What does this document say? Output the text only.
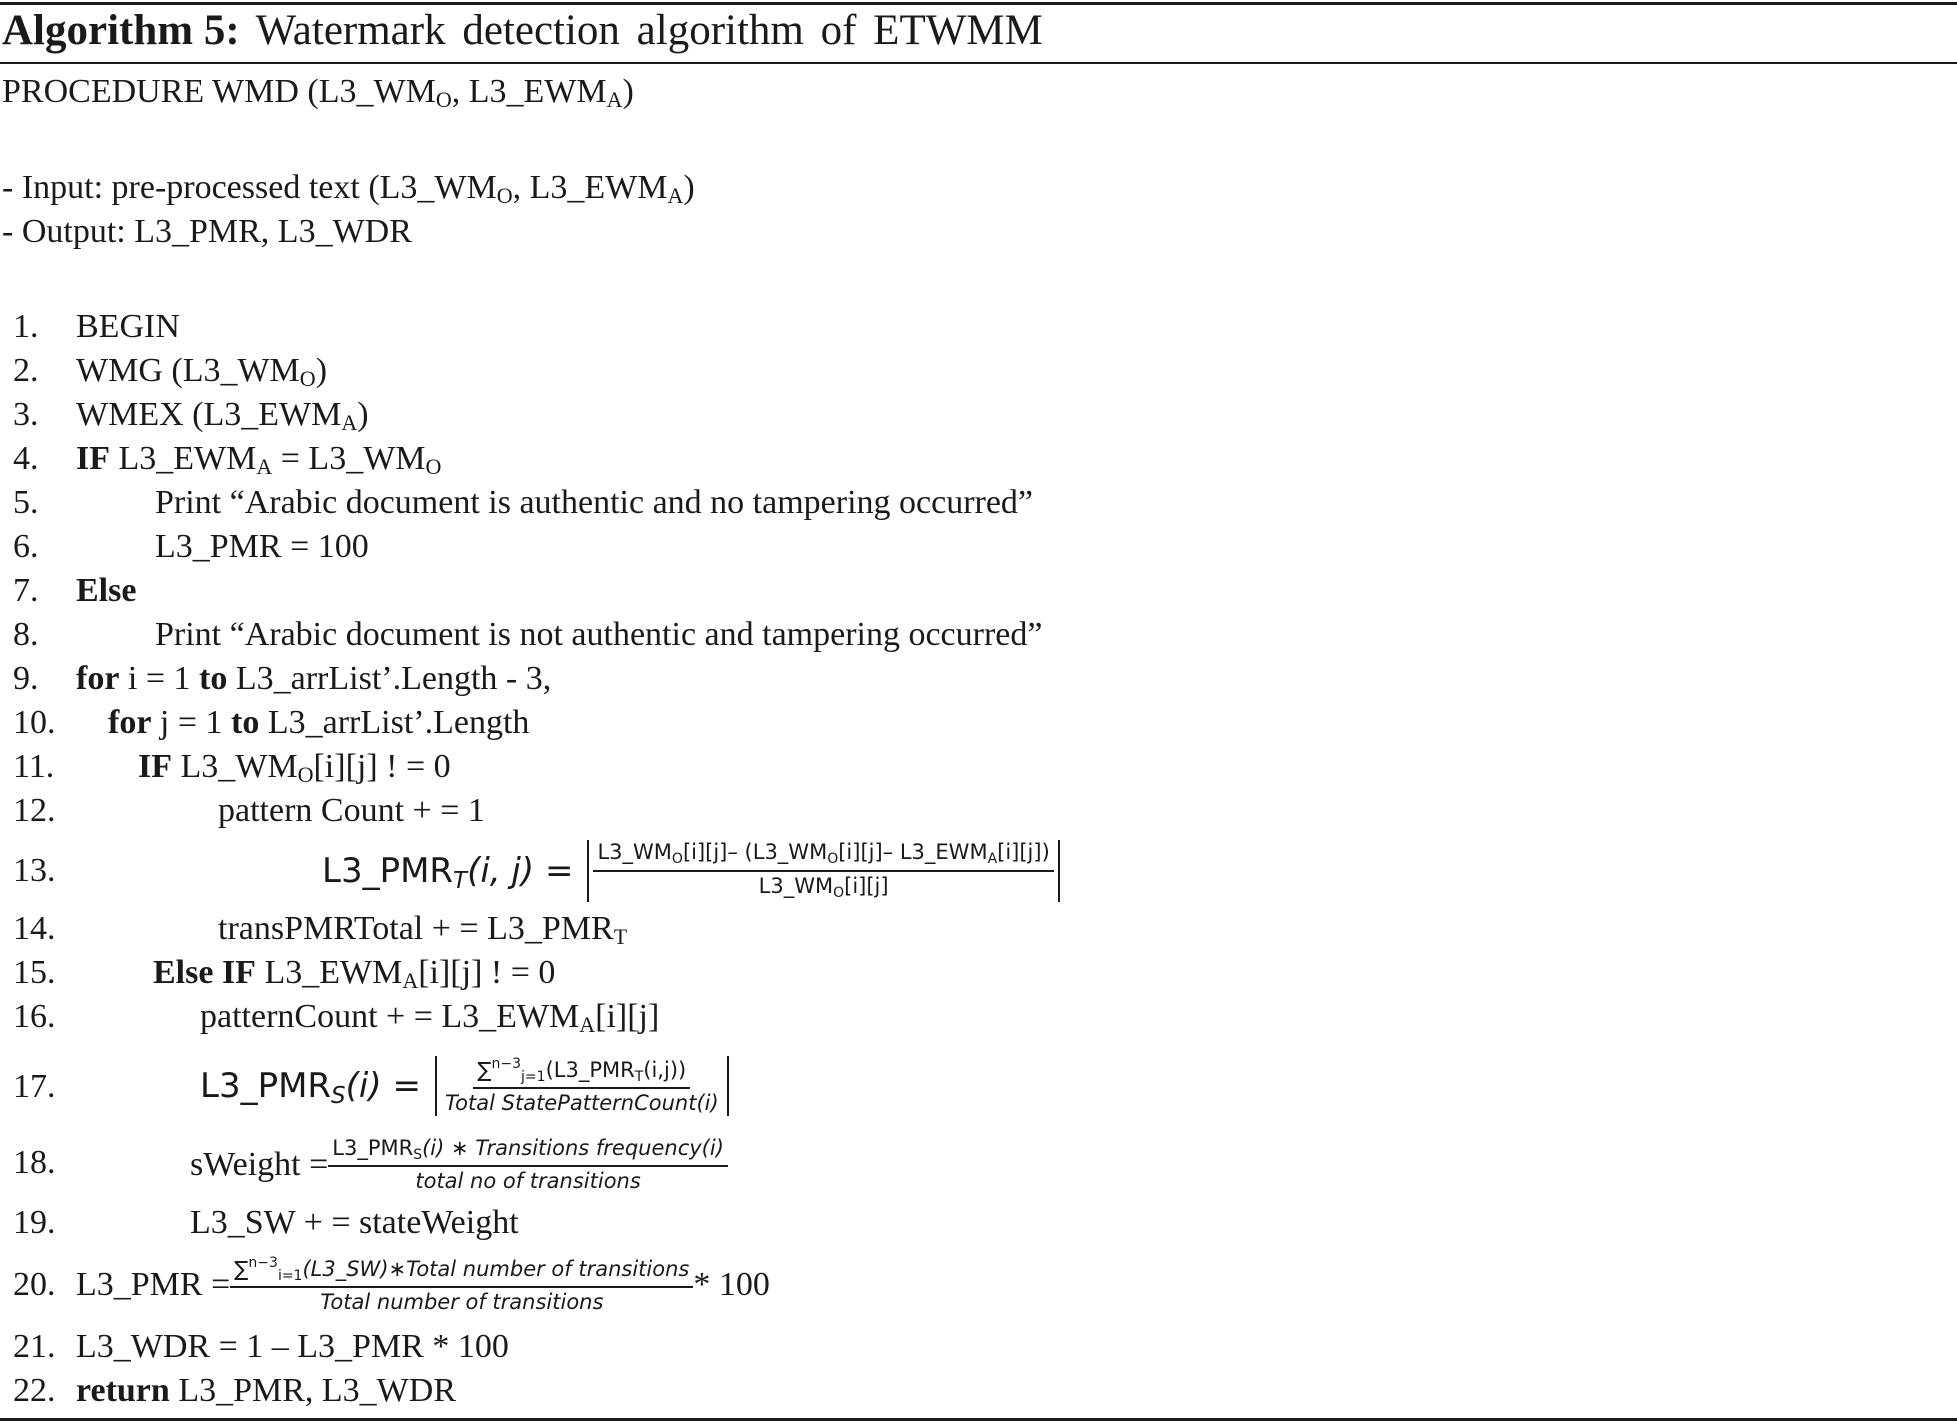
Algorithm 5: Watermark detection algorithm of ETWMM
PROCEDURE WMD ($L3\_WM_O$, $L3\_EWM_A$)
- Input: pre-processed text ($L3\_WM_O$, $L3\_EWM_A$)
- Output: L3_PMR, L3_WDR
1. BEGIN
2. WMG $(L3\_WM_O)$
3. WMEX $(L3\_EWM_A)$
4. IF $L3\_EWM_A$ = $L3\_WM_O$
5.	Print “Arabic document is authentic and no tampering occurred”
6.	L3_PMR = 100
7. Else
8.	Print “Arabic document is not authentic and tampering occurred”
9. for i = 1 to L3_arrList’.Length - 3,
10. for j = 1 to L3_arrList’.Length
11. IF $L3\_WM_O[i][j]$ ! = 0
12.	pattern Count + = 1
13.	L3_PMRT(i, $j) = \frac{\text{L3\_WMO[i][j]– (L3\_WMO[i][j]– L3\_EWMA[i][j])}}{\text{L3\_WMO[i][j]}}$
14.	transPMRTotal + = $L3\_PMR_T$
15.	Else IF $L3\_EWM_A[i][j]$ ! = 0
16.	patternCount + = $L3\_EWM_A[i][j]$
17.	L3_PMRS(i) = $\frac{\sum^{n-3}j=1(L3\_PMRT(i,j))}{\text{Total StatePatternCount(i)}}$
18.	sWeight = $\frac{\text{L3\_PMRS(i) ∗ Transitions frequency(i)}}{\text{total no of transitions}}$
19.	L3_SW + = stateWeight
20. L3_PMR = $\frac{\sum^{n-3}i=1(L3\_SW)∗Total number of transitions}{\text{Total number of transitions}} * 100$
21. L3_WDR = 1 – L3_PMR * 100
22. return L3_PMR, L3_WDR
